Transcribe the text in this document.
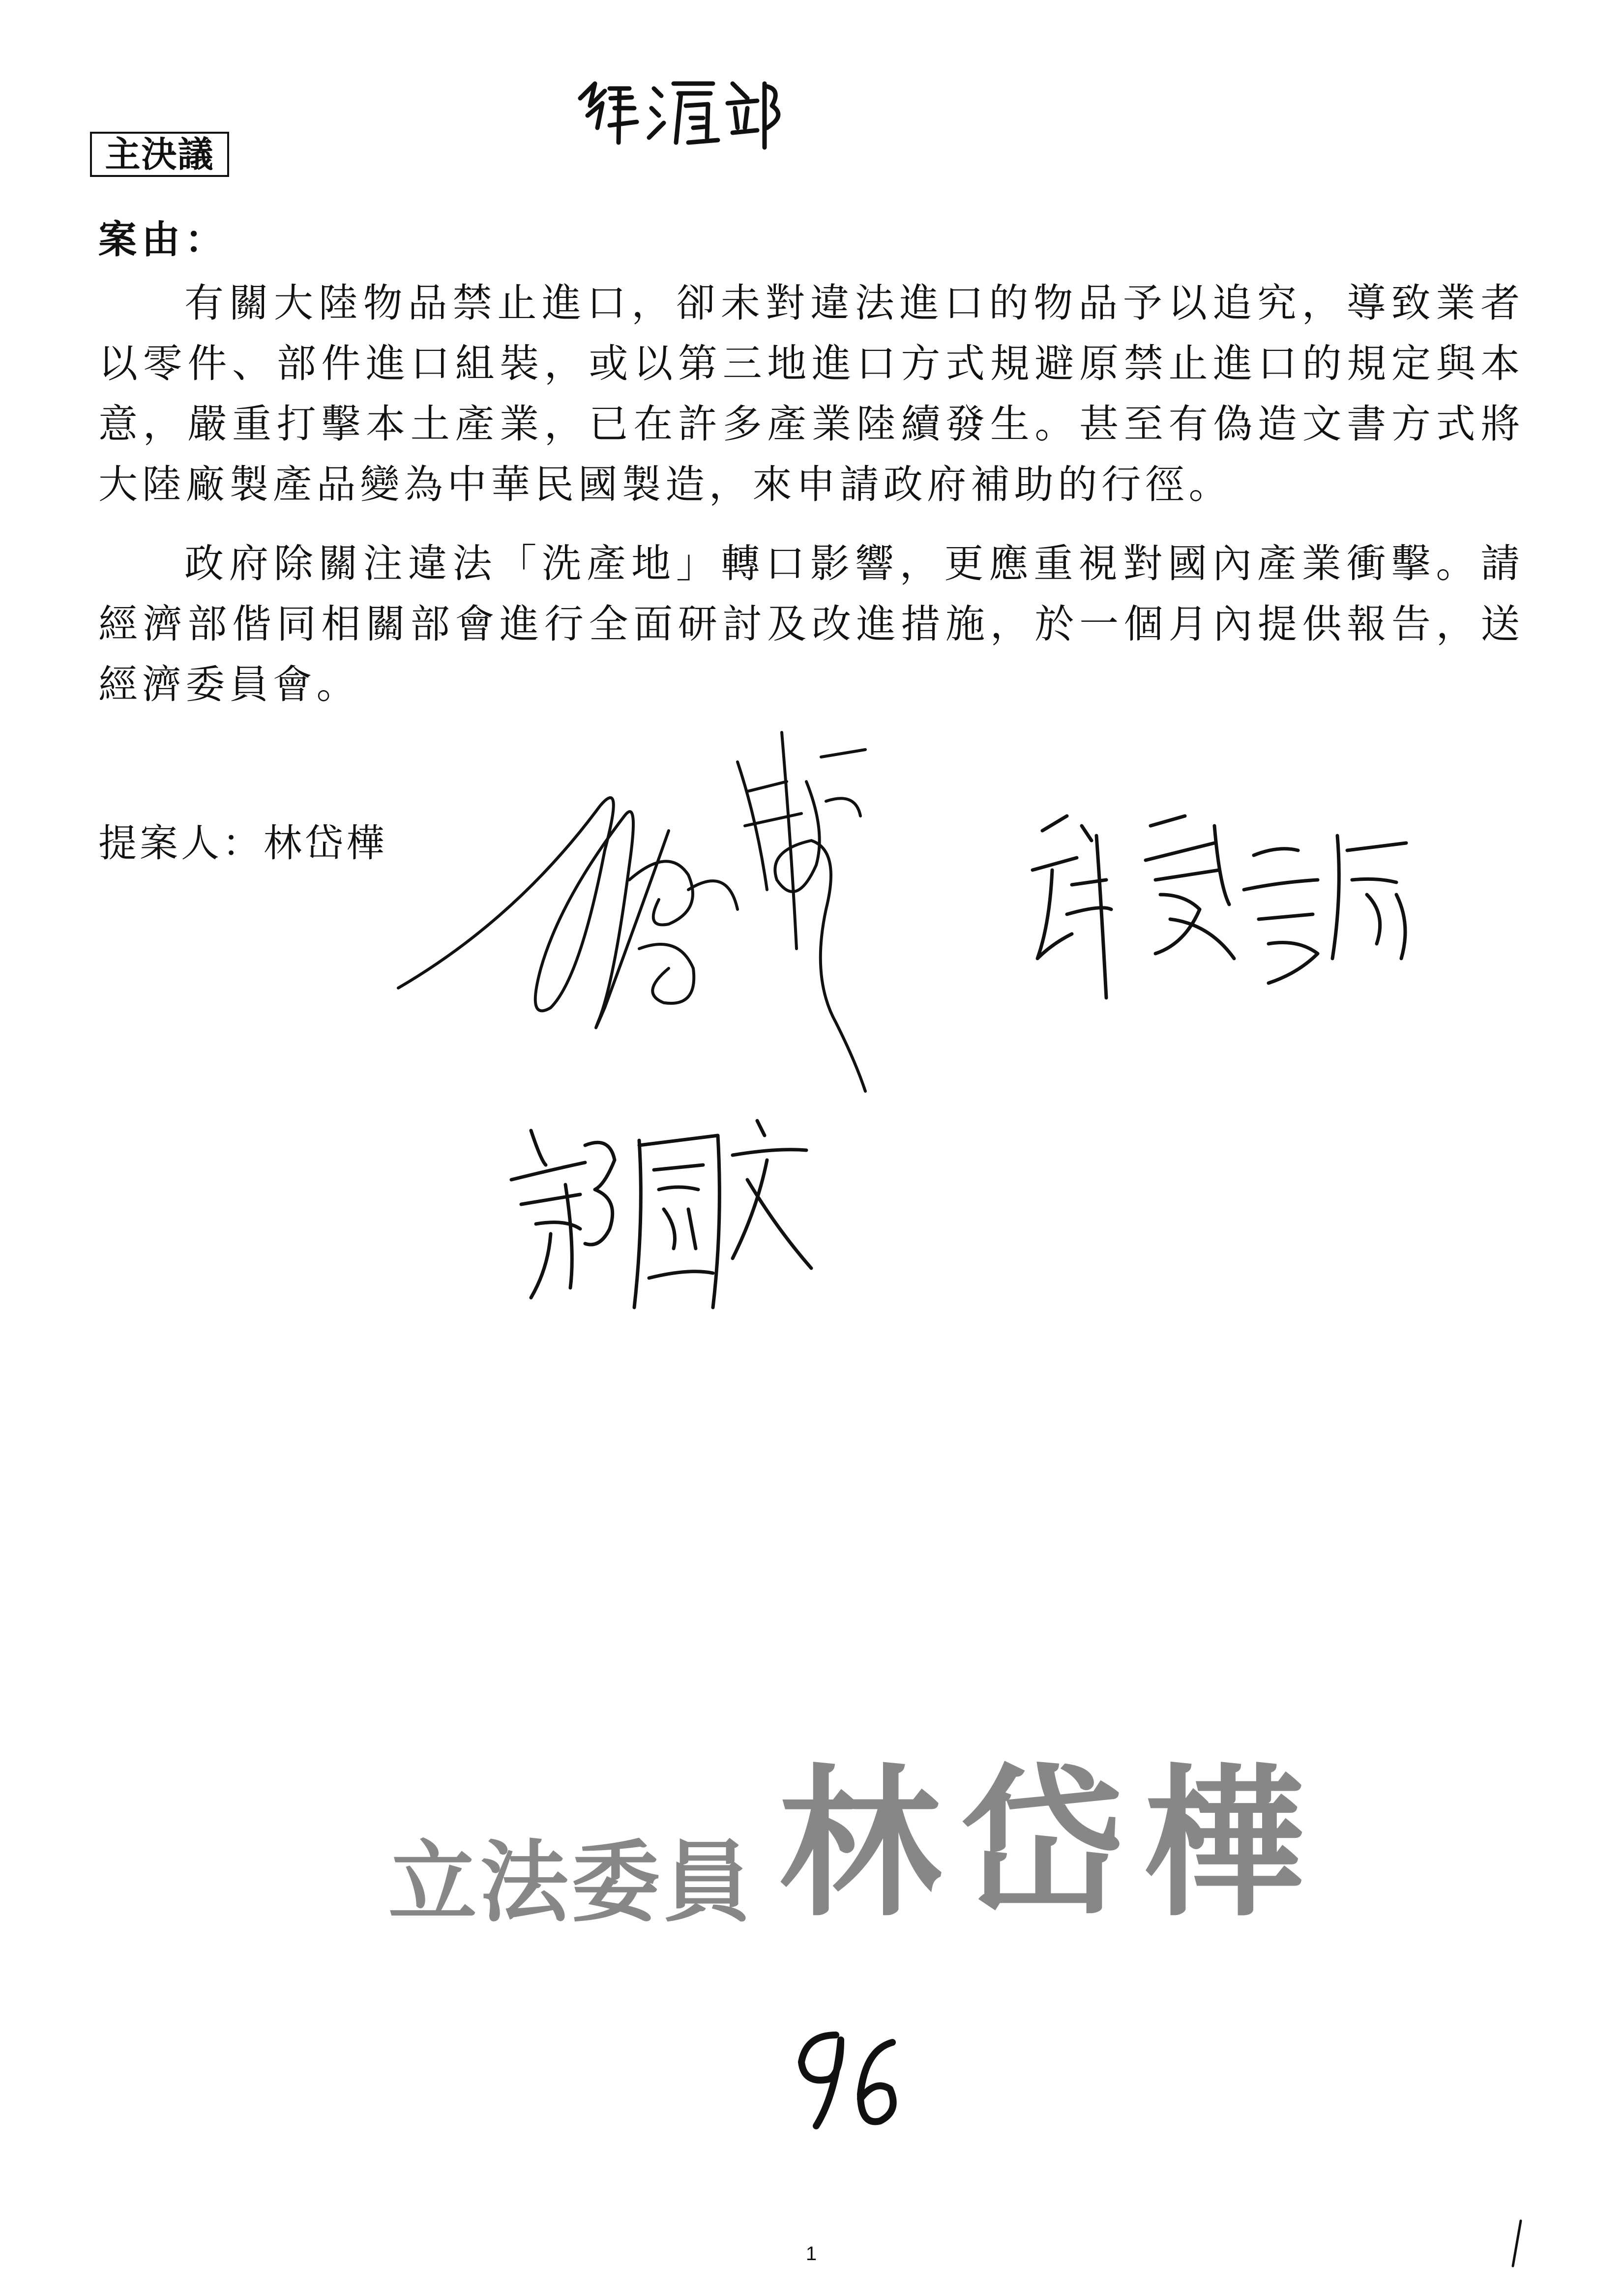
主決議
案由：

有關大陸物品禁止進口，卻未對違法進口的物品予以追究，導致業者以零件、部件進口組裝，或以第三地進口方式規避原禁止進口的規定與本意，嚴重打擊本土產業，已在許多產業陸續發生。甚至有偽造文書方式將大陸廠製產品變為中華民國製造，來申請政府補助的行徑。

政府除關注違法「洗產地」轉口影響，更應重視對國內產業衝擊。請經濟部偕同相關部會進行全面研討及改進措施，於一個月內提供報告，送經濟委員會。

提案人：林岱樺
立法委員 林岱樺
1
